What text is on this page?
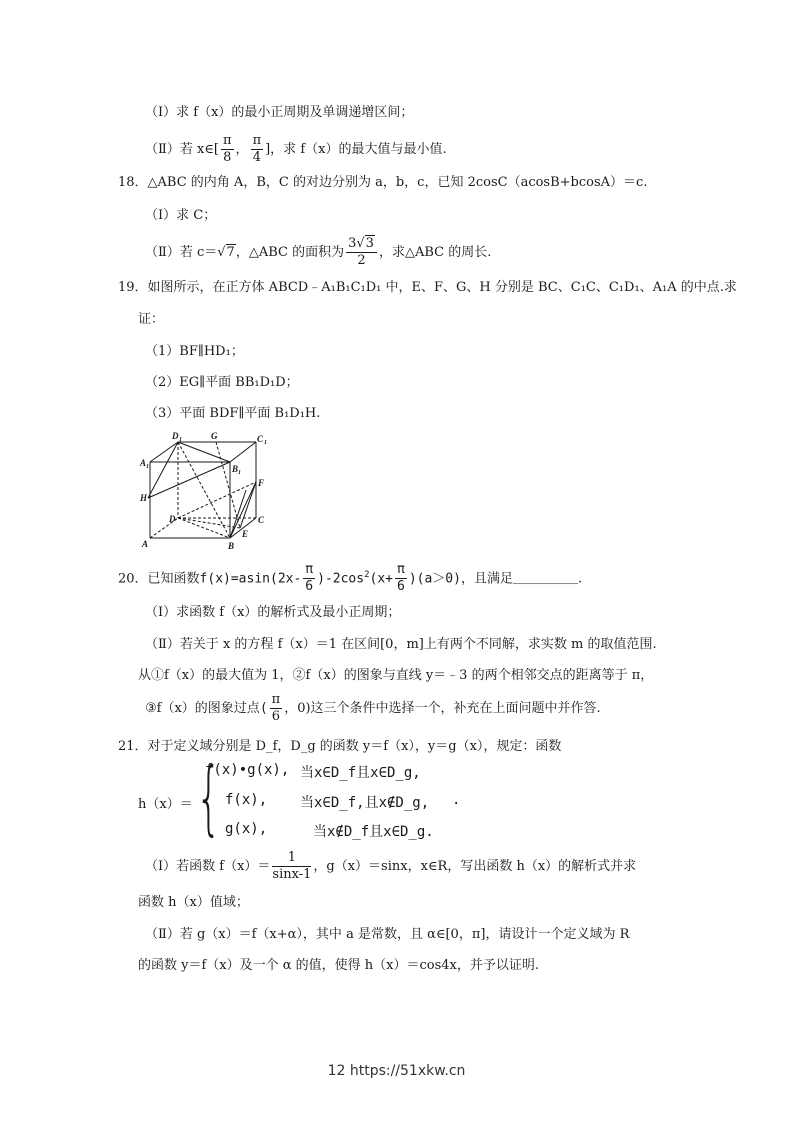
（Ⅰ）求 f（x）的最小正周期及单调递增区间；
（Ⅱ）若 x∈[ $\frac{\pi}{8}$ ， $\frac{\pi}{4}$ ]，求 f（x）的最大值与最小值.
18．△ABC 的内角 A，B，C 的对边分别为 a，b，c，已知 2cosC（acosB+bcosA）＝c.
（Ⅰ）求 C；
（Ⅱ）若 c＝√7，△ABC 的面积为 $\frac{3√3}{2}$ ，求△ABC 的周长.
19．如图所示，在正方体 ABCD﹣A₁B₁C₁D₁ 中，E、F、G、H 分别是 BC、C₁C、C₁D₁、A₁A 的中点.求
证：
（1）BF∥HD₁；
（2）EG∥平面 BB₁D₁D；
（3）平面 BDF∥平面 B₁D₁H.
D 1	G	C 1
A 1	B 1
H
F
D	C
E
A	B
20．已知函数$f(x)=asin(2x- \frac{\pi}{6} )-2\cos^2(x+ \frac{\pi}{6} )(a>0)$，且满足＿＿＿＿＿.
（Ⅰ）求函数 f（x）的解析式及最小正周期；
（Ⅱ）若关于 x 的方程 f（x）＝1 在区间[0，m]上有两个不同解，求实数 m 的取值范围.
从①f（x）的最大值为 1，②f（x）的图象与直线 y＝﹣3 的两个相邻交点的距离等于 π，
③f（x）的图象过点( $\frac{\pi}{6}$ ，0)这三个条件中选择一个，补充在上面问题中并作答.
21．对于定义域分别是 D_f，D_g 的函数 y＝f（x），y＝g（x），规定：函数
h（x）＝ {
f(x)•g(x), 当x∈D_f且x∈D_g,
f(x), 当x∈D_f,且x∉D_g, .
g(x),	当x∉D_f且x∈D_g.
（Ⅰ）若函数 $f(x)= \frac{1}{\sin x-1}$ ，g（x）＝sinx，x∈R，写出函数 h（x）的解析式并求
函数 h（x）值域；
（Ⅱ）若 g（x）＝f（x+α），其中 a 是常数，且 α∈[0，π]，请设计一个定义域为 R
的函数 y＝f（x）及一个 α 的值，使得 h（x）＝cos4x，并予以证明.
12 https://51xkw.cn
